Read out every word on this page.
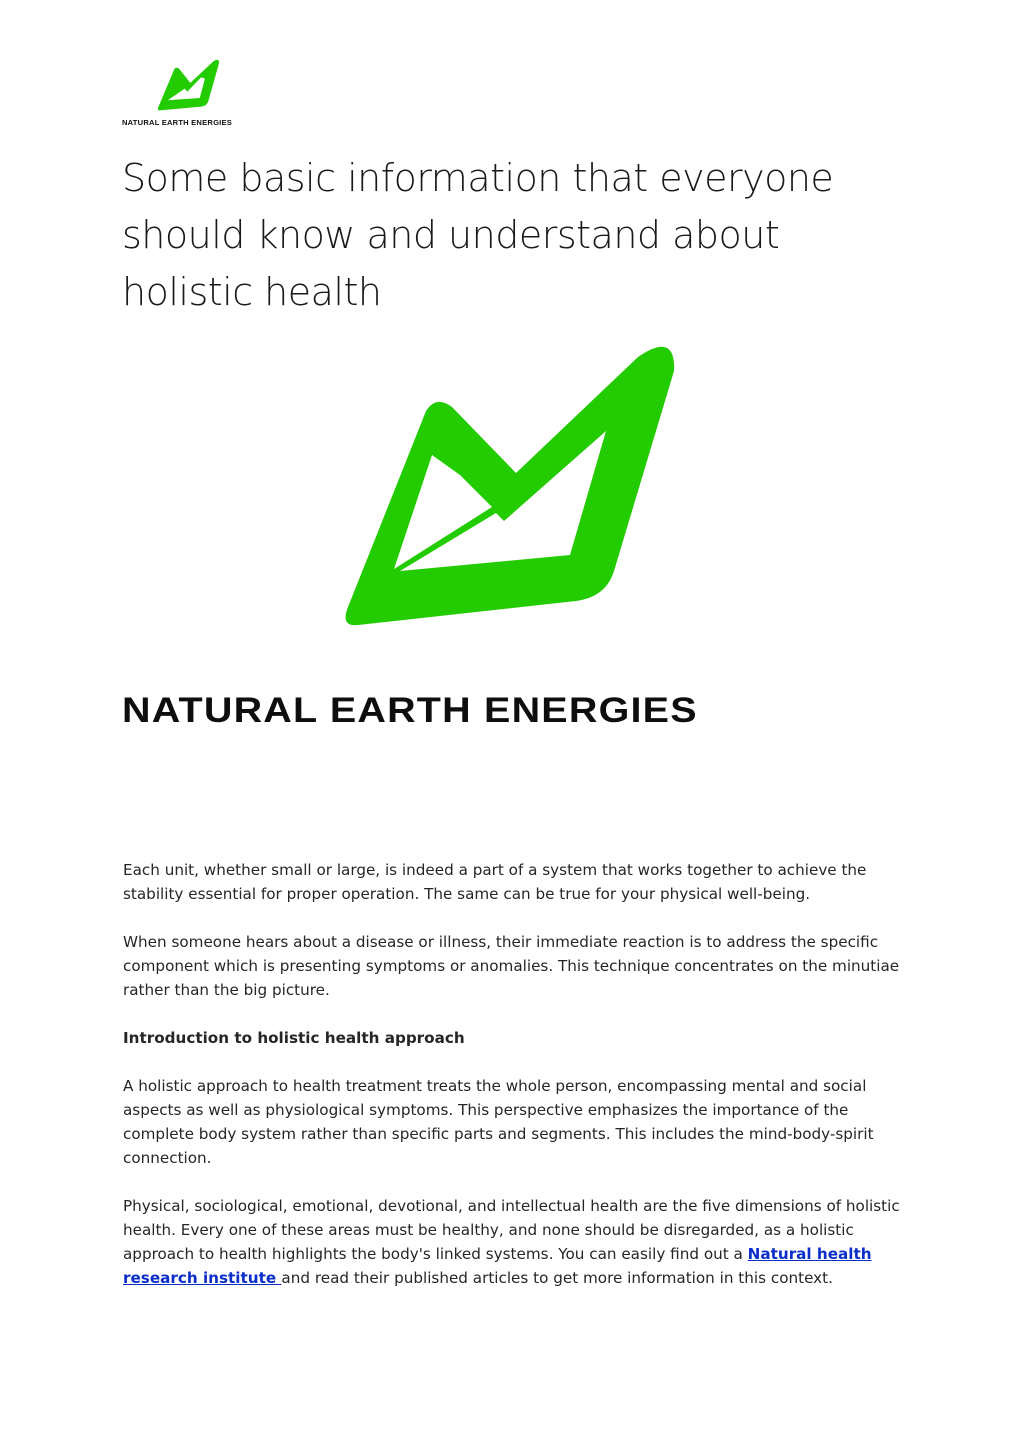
NATURAL EARTH ENERGIES
Some basic information that everyone should know and understand about holistic health
NATURAL EARTH ENERGIES

Each unit, whether small or large, is indeed a part of a system that works together to achieve the stability essential for proper operation. The same can be true for your physical well-being.

When someone hears about a disease or illness, their immediate reaction is to address the specific component which is presenting symptoms or anomalies. This technique concentrates on the minutiae rather than the big picture.

Introduction to holistic health approach

A holistic approach to health treatment treats the whole person, encompassing mental and social aspects as well as physiological symptoms. This perspective emphasizes the importance of the complete body system rather than specific parts and segments. This includes the mind-body-spirit connection.

Physical, sociological, emotional, devotional, and intellectual health are the five dimensions of holistic health. Every one of these areas must be healthy, and none should be disregarded, as a holistic approach to health highlights the body's linked systems. You can easily find out a Natural health research institute and read their published articles to get more information in this context.
